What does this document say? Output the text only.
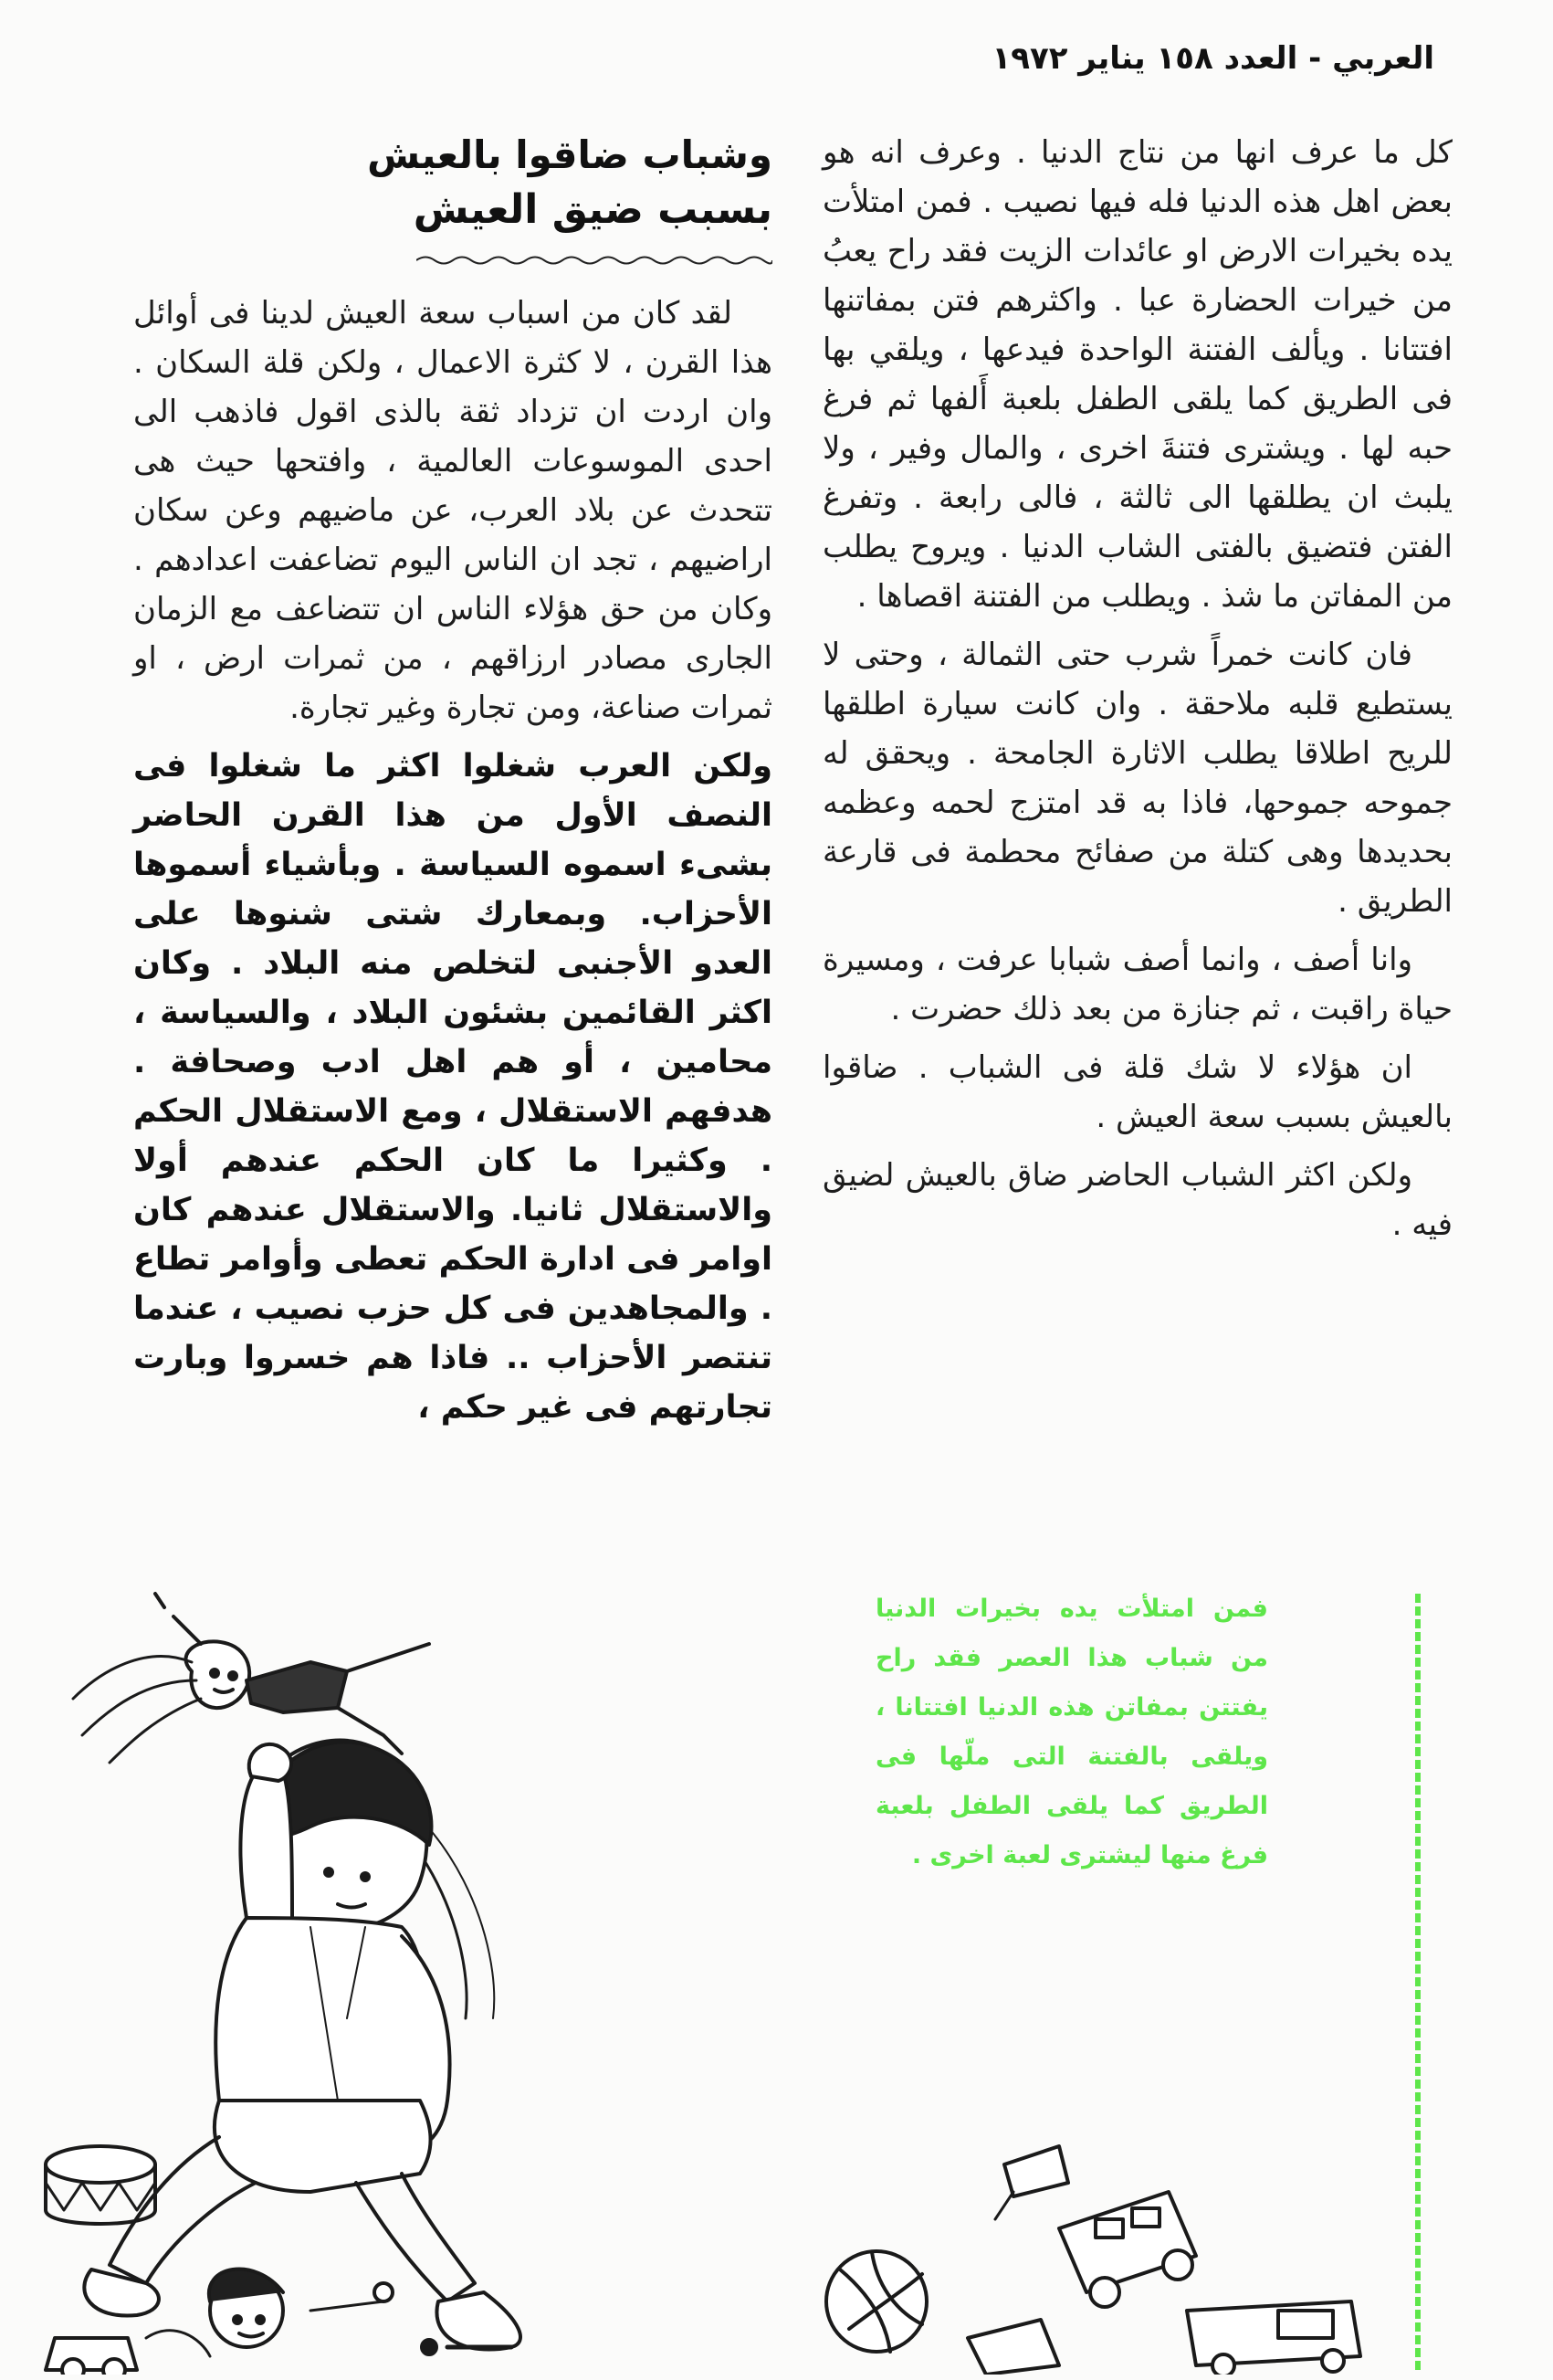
العربي - العدد ١٥٨ يناير ١٩٧٢

كل ما عرف انها من نتاج الدنيا . وعرف انه هو بعض اهل هذه الدنيا فله فيها نصيب . فمن امتلأت يده بخيرات الارض او عائدات الزيت فقد راح يعبُ من خيرات الحضارة عبا . واكثرهم فتن بمفاتنها افتتانا . ويألف الفتنة الواحدة فيدعها ، ويلقي بها فى الطريق كما يلقى الطفل بلعبة أَلفها ثم فرغ حبه لها . ويشترى فتنةَ اخرى ، والمال وفير ، ولا يلبث ان يطلقها الى ثالثة ، فالى رابعة . وتفرغ الفتن فتضيق بالفتى الشاب الدنيا . ويروح يطلب من المفاتن ما شذ . ويطلب من الفتنة اقصاها .

فان كانت خمراً شرب حتى الثمالة ، وحتى لا يستطيع قلبه ملاحقة . وان كانت سيارة اطلقها للريح اطلاقا يطلب الاثارة الجامحة . ويحقق له جموحه جموحها، فاذا به قد امتزج لحمه وعظمه بحديدها وهى كتلة من صفائح محطمة فى قارعة الطريق .

وانا أصف ، وانما أصف شبابا عرفت ، ومسيرة حياة راقبت ، ثم جنازة من بعد ذلك حضرت .

ان هؤلاء لا شك قلة فى الشباب . ضاقوا بالعيش بسبب سعة العيش .

ولكن اكثر الشباب الحاضر ضاق بالعيش لضيق فيه .

وشباب ضاقوا بالعيش
بسبب ضيق العيش

لقد كان من اسباب سعة العيش لدينا فى أوائل هذا القرن ، لا كثرة الاعمال ، ولكن قلة السكان . وان اردت ان تزداد ثقة بالذى اقول فاذهب الى احدى الموسوعات العالمية ، وافتحها حيث هى تتحدث عن بلاد العرب، عن ماضيهم وعن سكان اراضيهم ، تجد ان الناس اليوم تضاعفت اعدادهم . وكان من حق هؤلاء الناس ان تتضاعف مع الزمان الجارى مصادر ارزاقهم ، من ثمرات ارض ، او ثمرات صناعة، ومن تجارة وغير تجارة.

ولكن العرب شغلوا اكثر ما شغلوا فى النصف الأول من هذا القرن الحاضر بشىء اسموه السياسة . وبأشياء أسموها الأحزاب. وبمعارك شتى شنوها على العدو الأجنبى لتخلص منه البلاد . وكان اكثر القائمين بشئون البلاد ، والسياسة ، محامين ، أو هم اهل ادب وصحافة . هدفهم الاستقلال ، ومع الاستقلال الحكم . وكثيرا ما كان الحكم عندهم أولا والاستقلال ثانيا. والاستقلال عندهم كان اوامر فى ادارة الحكم تعطى وأوامر تطاع . والمجاهدين فى كل حزب نصيب ، عندما تنتصر الأحزاب .. فاذا هم خسروا وبارت تجارتهم فى غير حكم ،

فمن امتلأت يده بخيرات الدنيا من شباب هذا العصر فقد راح يفتتن بمفاتن هذه الدنيا افتتانا ، ويلقى بالفتنة التى ملّها فى الطريق كما يلقى الطفل بلعبة فرغ منها ليشترى لعبة اخرى .
